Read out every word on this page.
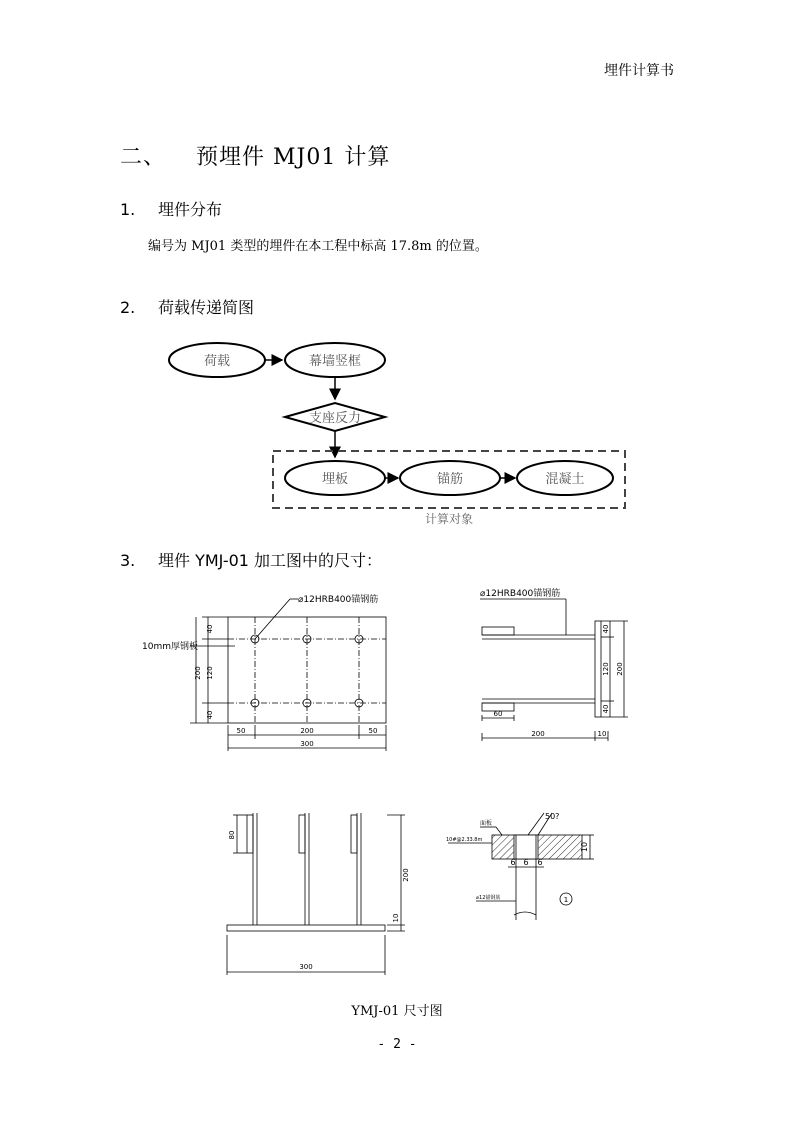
埋件计算书
二、 预埋件 MJ01 计算
1. 埋件分布
编号为 MJ01 类型的埋件在本工程中标高 17.8m 的位置。
2. 荷载传递简图
荷载	幕墙竖框
支座反力
埋板	锚筋	混凝土
计算对象
3. 埋件 YMJ-01 加工图中的尺寸：
⌀12HRB400锚钢筋
10mm厚钢板
40
120
40
200
50	200	50
300
⌀12HRB400锚钢筋
60
200	10
40
120
40
200
80
200
10
300
面板
50?
10
6 6 6
10#@2.33.8m
⌀12锚钢筋	1
YMJ-01 尺寸图
- 2 -
